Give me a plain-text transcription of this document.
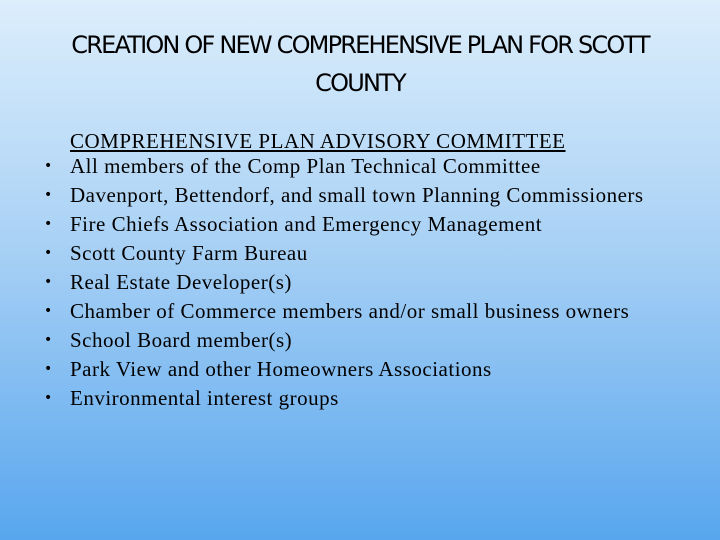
CREATION OF NEW COMPREHENSIVE PLAN FOR SCOTT
COUNTY
COMPREHENSIVE PLAN ADVISORY COMMITTEE
• All members of the Comp Plan Technical Committee
• Davenport, Bettendorf, and small town Planning Commissioners
• Fire Chiefs Association and Emergency Management
• Scott County Farm Bureau
• Real Estate Developer(s)
• Chamber of Commerce members and/or small business owners
• School Board member(s)
• Park View and other Homeowners Associations
• Environmental interest groups
